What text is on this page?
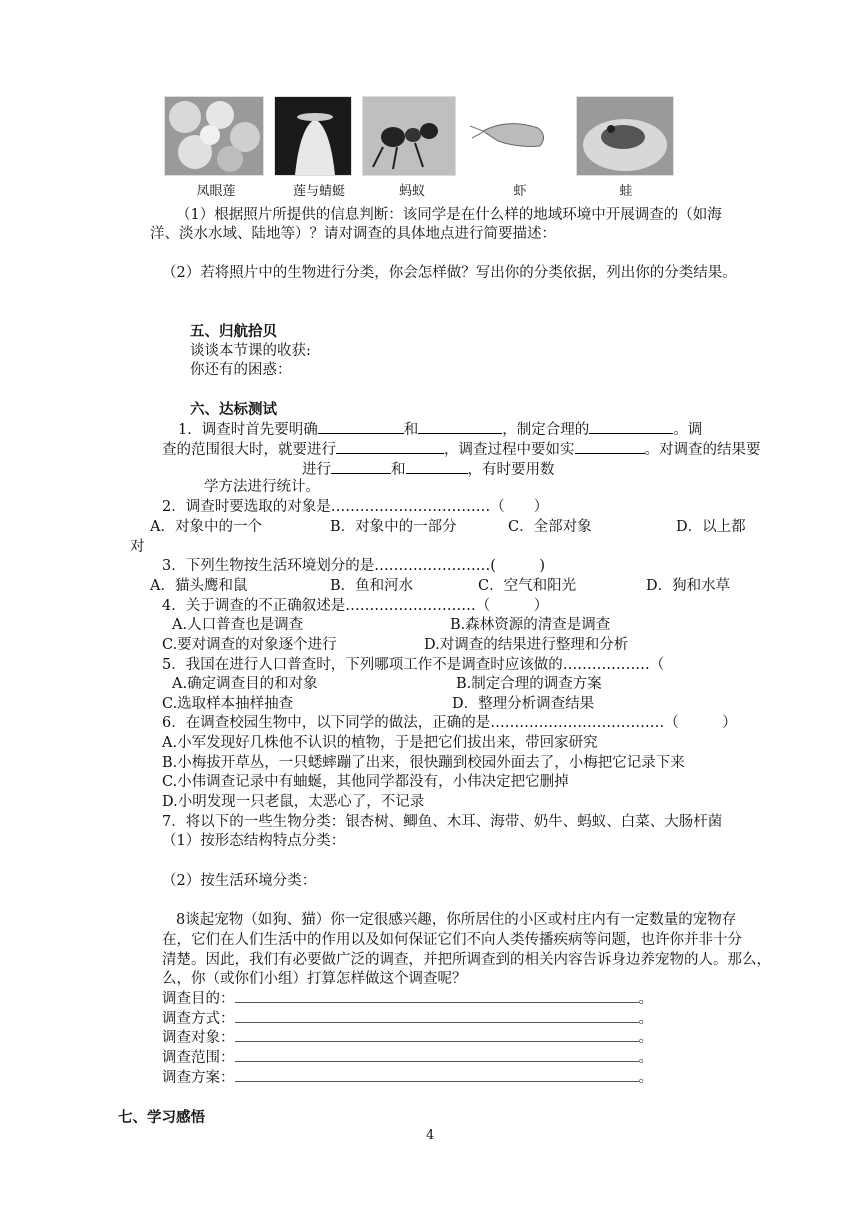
凤眼莲	莲与蜻蜓	蚂蚁	虾	蛙
（1）根据照片所提供的信息判断：该同学是在什么样的地域环境中开展调查的（如海
洋、淡水水域、陆地等）？请对调查的具体地点进行简要描述：
（2）若将照片中的生物进行分类，你会怎样做？写出你的分类依据，列出你的分类结果。
五、归航拾贝
谈谈本节课的收获:
你还有的困惑：
六、达标测试
1．调查时首先要明确	和	，制定合理的	。调
查的范围很大时，就要进行	，调查过程中要如实	。对调查的结果要
进行	和	，有时要用数
学方法进行统计。
2．调查时要选取的对象是……………………………（　　）
A．对象中的一个	B．对象中的一部分	C．全部对象	D．以上都
对
3．下列生物按生活环境划分的是……………………(　　　)
A．猫头鹰和鼠	B．鱼和河水	C．空气和阳光	D．狗和水草
4．关于调查的不正确叙述是………………………（　　　）
A.人口普查也是调查	B.森林资源的清查是调查
C.要对调查的对象逐个进行	D.对调查的结果进行整理和分析
5．我国在进行人口普查时，下列哪项工作不是调查时应该做的………………（
A.确定调查目的和对象	B.制定合理的调查方案
C.选取样本抽样抽查	D．整理分析调查结果
6．在调查校园生物中，以下同学的做法，正确的是………………………………（　　　）
A.小军发现好几株他不认识的植物，于是把它们拔出来，带回家研究
B.小梅拔开草丛，一只蟋蟀蹦了出来，很快蹦到校园外面去了，小梅把它记录下来
C.小伟调查记录中有蚰蜒，其他同学都没有，小伟决定把它删掉
D.小明发现一只老鼠，太恶心了，不记录
7．将以下的一些生物分类：银杏树、鲫鱼、木耳、海带、奶牛、蚂蚁、白菜、大肠杆菌
（1）按形态结构特点分类：
（2）按生活环境分类：
8谈起宠物（如狗、猫）你一定很感兴趣，你所居住的小区或村庄内有一定数量的宠物存
在，它们在人们生活中的作用以及如何保证它们不向人类传播疾病等问题，也许你并非十分
清楚。因此，我们有必要做广泛的调查，并把所调查到的相关内容告诉身边养宠物的人。那么，
么，你（或你们小组）打算怎样做这个调查呢？
调查目的：	。
调查方式：	。
调查对象：	。
调查范围：	。
调查方案：	。
七、学习感悟
4
